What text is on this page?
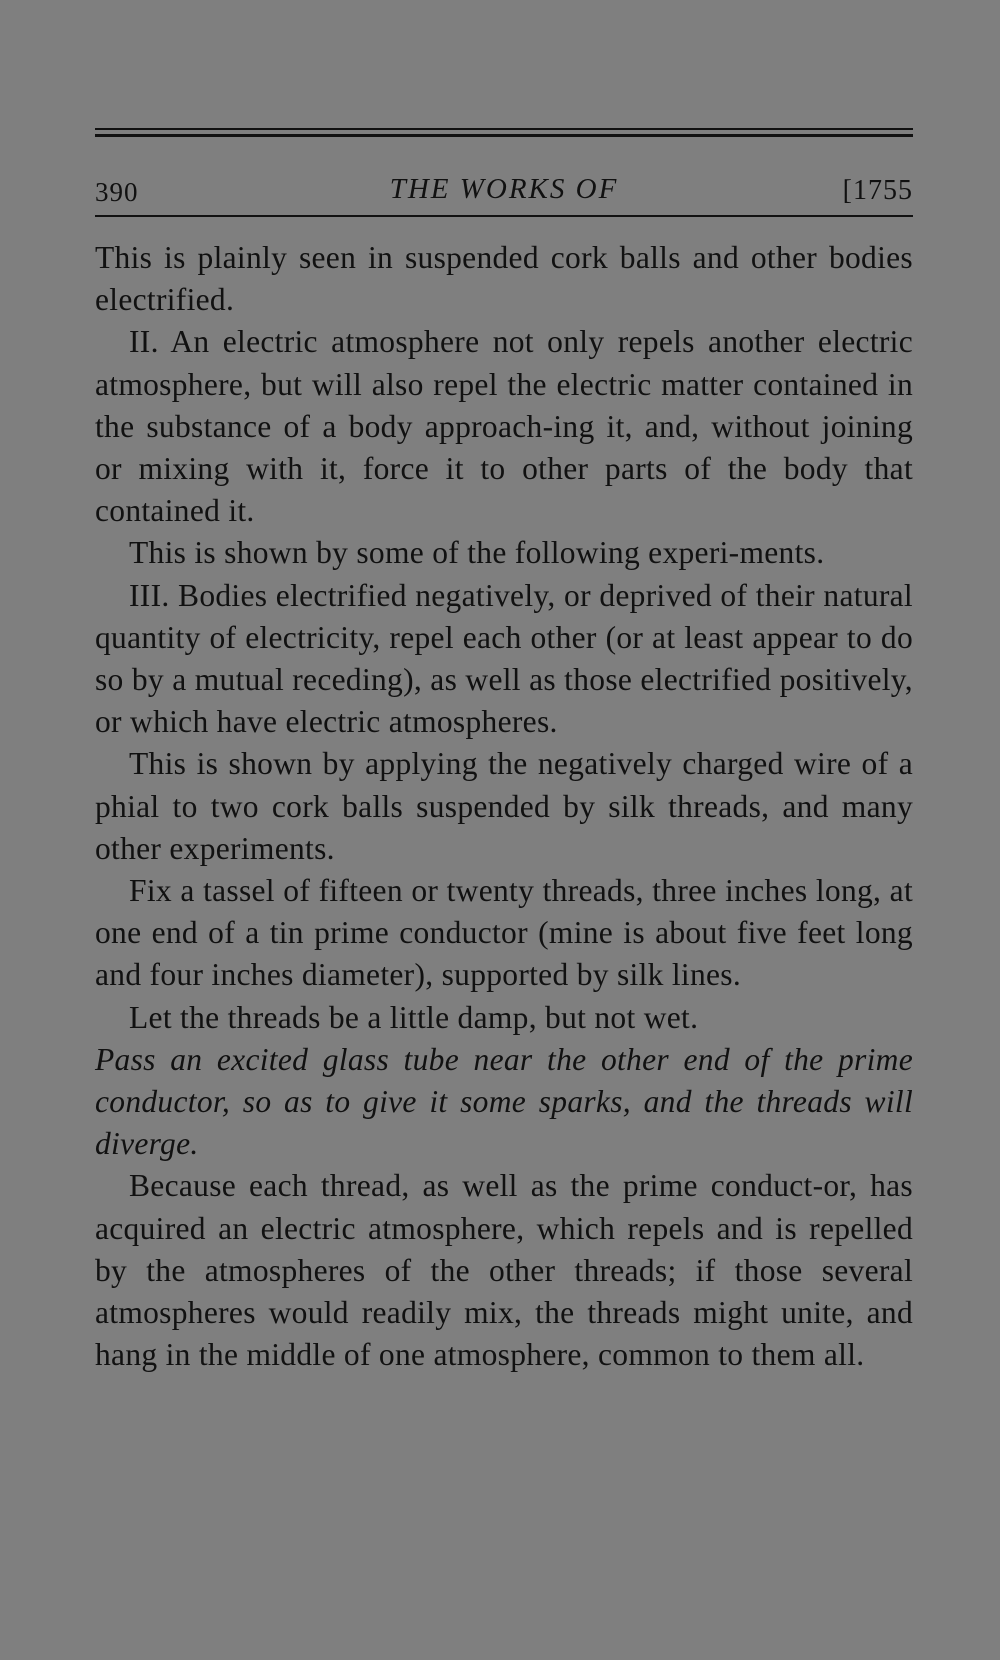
390	THE WORKS OF	[1755

This is plainly seen in suspended cork balls and other bodies electrified.

II. An electric atmosphere not only repels another electric atmosphere, but will also repel the electric matter contained in the substance of a body approach-ing it, and, without joining or mixing with it, force it to other parts of the body that contained it.

This is shown by some of the following experi-ments.

III. Bodies electrified negatively, or deprived of their natural quantity of electricity, repel each other (or at least appear to do so by a mutual receding), as well as those electrified positively, or which have electric atmospheres.

This is shown by applying the negatively charged wire of a phial to two cork balls suspended by silk threads, and many other experiments.

Fix a tassel of fifteen or twenty threads, three inches long, at one end of a tin prime conductor (mine is about five feet long and four inches diameter), supported by silk lines.

Let the threads be a little damp, but not wet.

Pass an excited glass tube near the other end of the prime conductor, so as to give it some sparks, and the threads will diverge.

Because each thread, as well as the prime conduct-or, has acquired an electric atmosphere, which repels and is repelled by the atmospheres of the other threads; if those several atmospheres would readily mix, the threads might unite, and hang in the middle of one atmosphere, common to them all.
